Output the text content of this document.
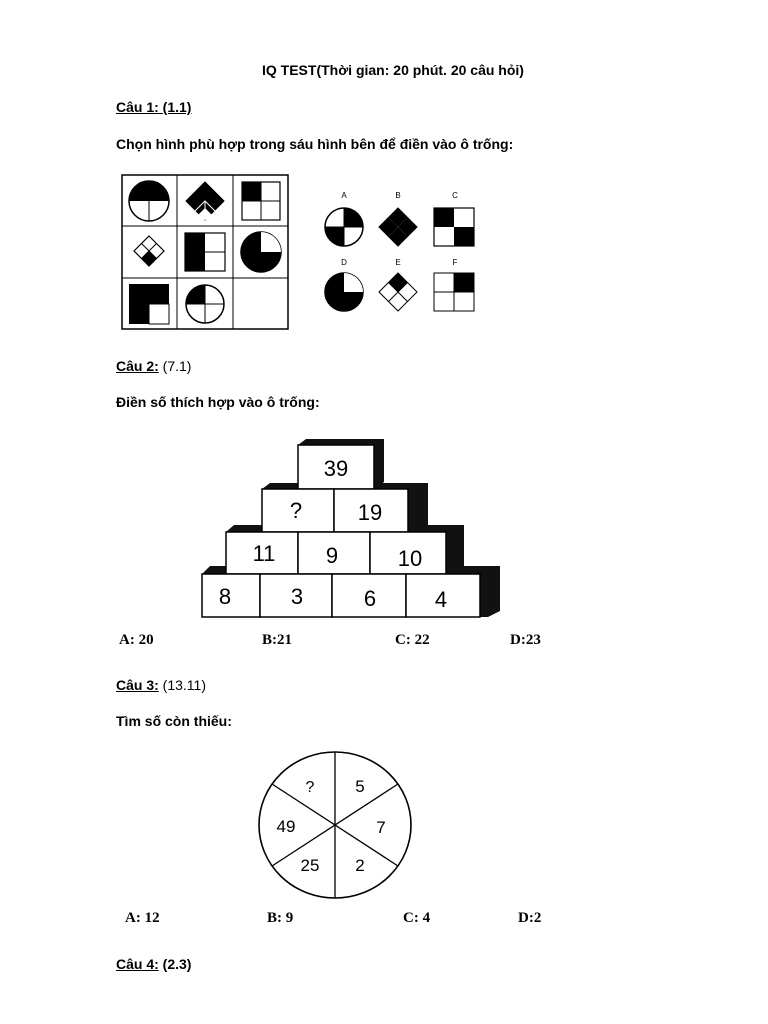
IQ TEST(Thời gian: 20 phút. 20 câu hỏi)
Câu 1: (1.1)
Chọn hình phù hợp trong sáu hình bên để điền vào ô trống:
A	B	C
D	E	F
Câu 2: (7.1)
Điền số thích hợp vào ô trống:
39
?	19
11 9	10
8	3	6	4
A: 20	B:21	C: 22	D:23
Câu 3: (13.11)
Tìm số còn thiếu:
? 5
7
2
25
49
A: 12	B: 9	C: 4	D:2
Câu 4: (2.3)
